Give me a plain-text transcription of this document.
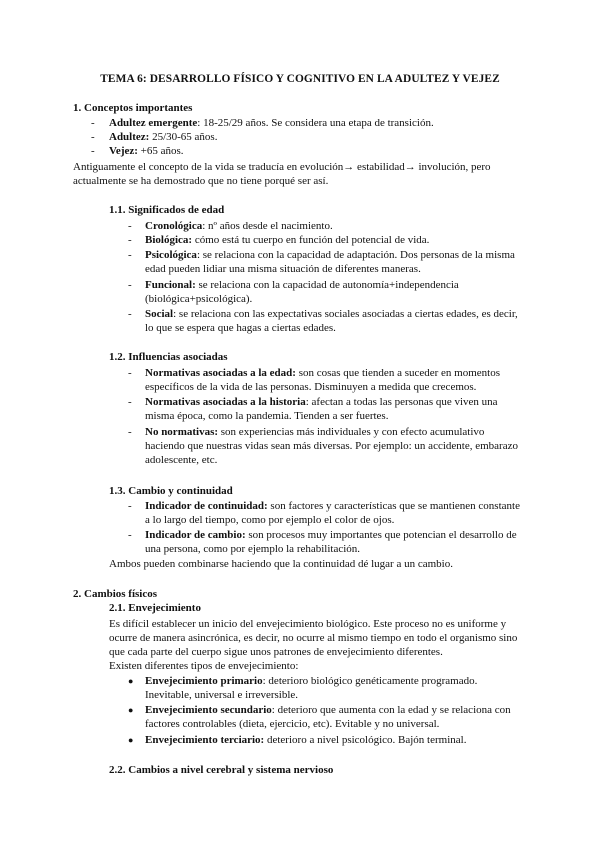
TEMA 6: DESARROLLO FÍSICO Y COGNITIVO EN LA ADULTEZ Y VEJEZ
1. Conceptos importantes
- Adultez emergente: 18-25/29 años. Se considera una etapa de transición.
- Adultez: 25/30-65 años.
- Vejez: +65 años.
Antiguamente el concepto de la vida se traducía en evolución→ estabilidad→ involución, pero
actualmente se ha demostrado que no tiene porqué ser así.
1.1. Significados de edad
- Cronológica: nº años desde el nacimiento.
- Biológica: cómo está tu cuerpo en función del potencial de vida.
- Psicológica: se relaciona con la capacidad de adaptación. Dos personas de la misma
edad pueden lidiar una misma situación de diferentes maneras.
- Funcional: se relaciona con la capacidad de autonomía+independencia
(biológica+psicológica).
- Social: se relaciona con las expectativas sociales asociadas a ciertas edades, es decir,
lo que se espera que hagas a ciertas edades.
1.2. Influencias asociadas
- Normativas asociadas a la edad: son cosas que tienden a suceder en momentos
específicos de la vida de las personas. Disminuyen a medida que crecemos.
- Normativas asociadas a la historia: afectan a todas las personas que viven una
misma época, como la pandemia. Tienden a ser fuertes.
- No normativas: son experiencias más individuales y con efecto acumulativo
haciendo que nuestras vidas sean más diversas. Por ejemplo: un accidente, embarazo
adolescente, etc.
1.3. Cambio y continuidad
- Indicador de continuidad: son factores y características que se mantienen constante
a lo largo del tiempo, como por ejemplo el color de ojos.
- Indicador de cambio: son procesos muy importantes que potencian el desarrollo de
una persona, como por ejemplo la rehabilitación.
Ambos pueden combinarse haciendo que la continuidad dé lugar a un cambio.
2. Cambios físicos
2.1. Envejecimiento
Es difícil establecer un inicio del envejecimiento biológico. Este proceso no es uniforme y
ocurre de manera asincrónica, es decir, no ocurre al mismo tiempo en todo el organismo sino
que cada parte del cuerpo sigue unos patrones de envejecimiento diferentes.
Existen diferentes tipos de envejecimiento:
● Envejecimiento primario: deterioro biológico genéticamente programado.
Inevitable, universal e irreversible.
● Envejecimiento secundario: deterioro que aumenta con la edad y se relaciona con
factores controlables (dieta, ejercicio, etc). Evitable y no universal.
● Envejecimiento terciario: deterioro a nivel psicológico. Bajón terminal.
2.2. Cambios a nivel cerebral y sistema nervioso
